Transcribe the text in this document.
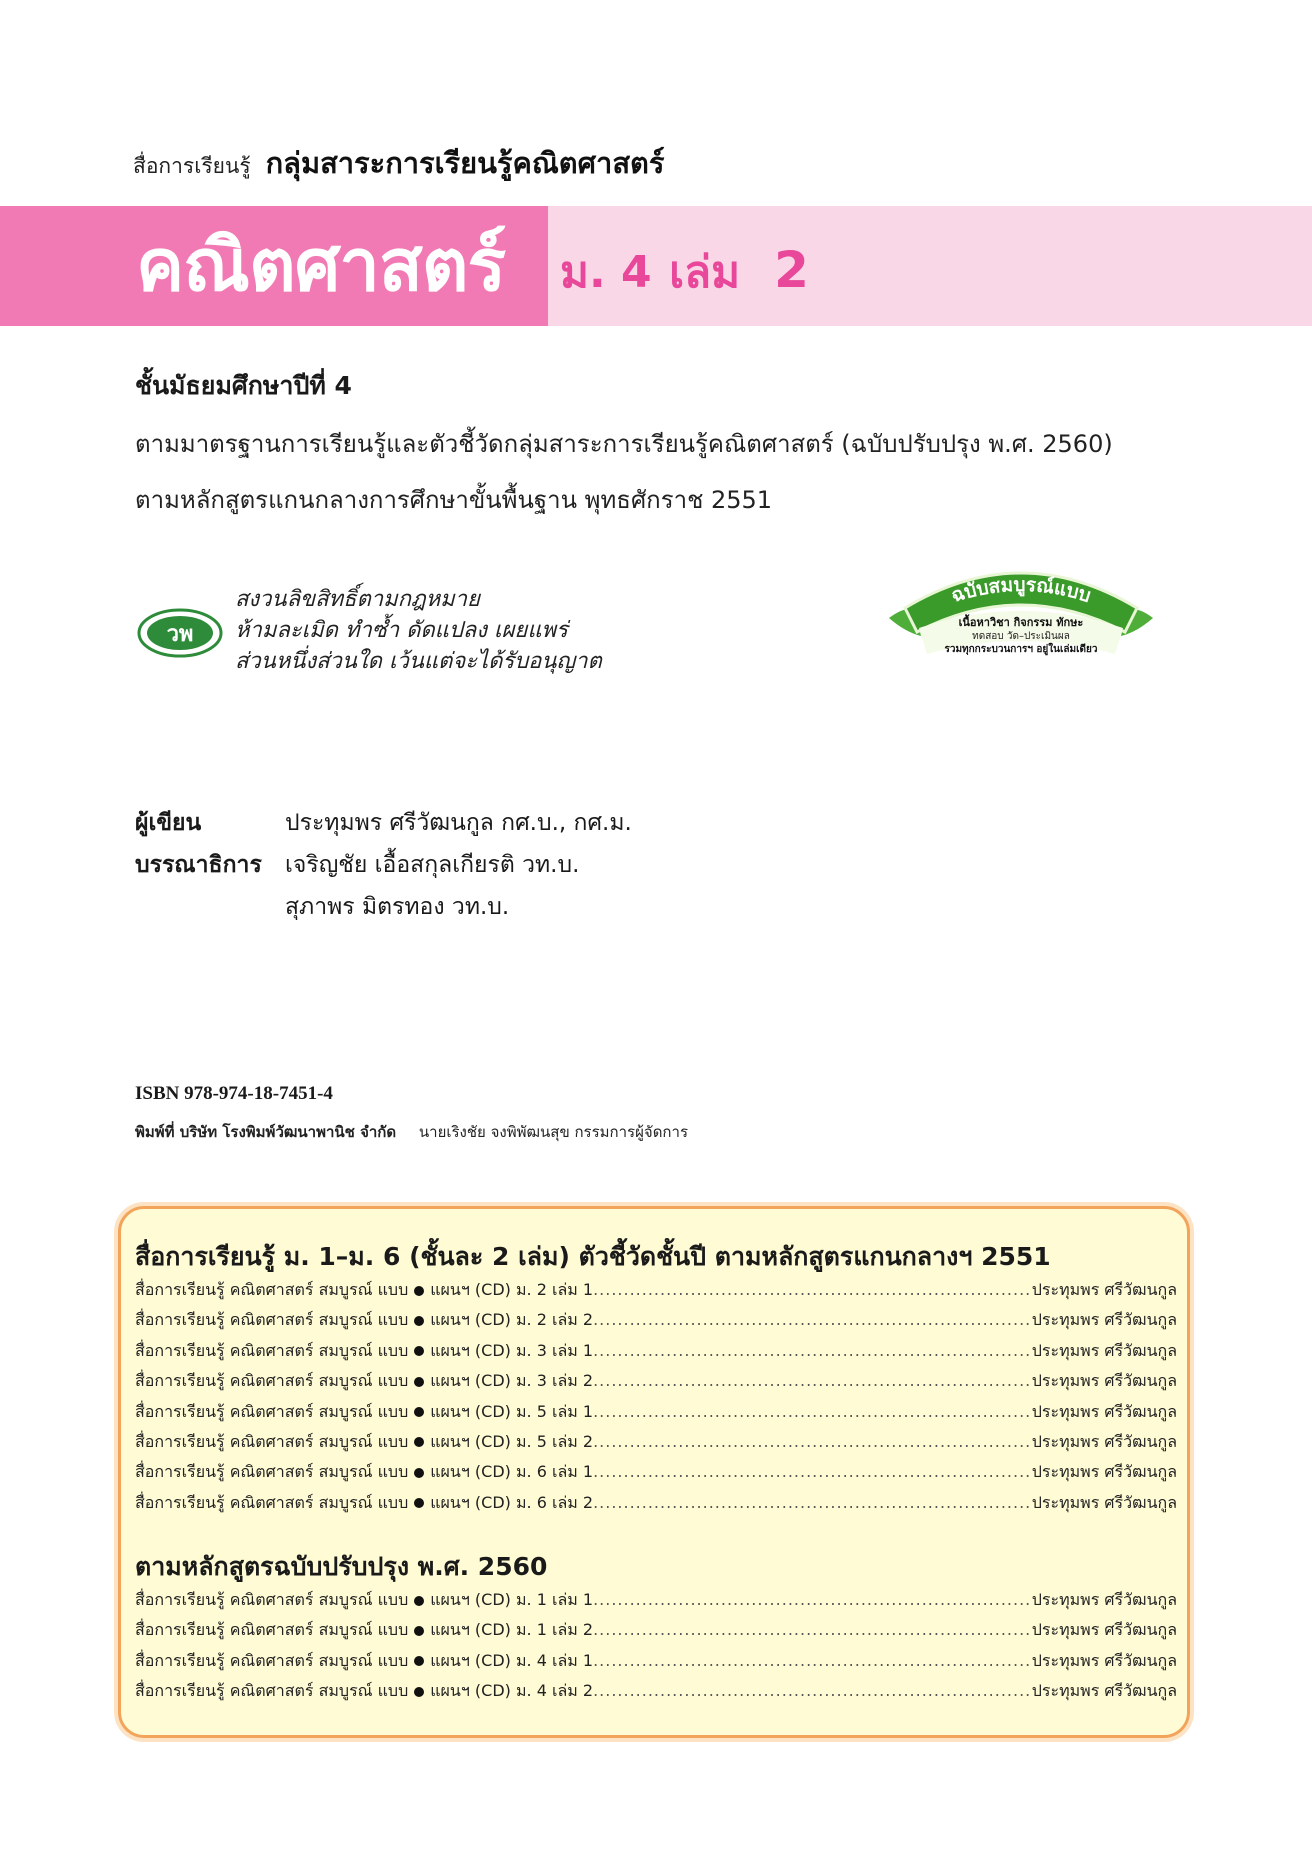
สื่อการเรียนรู้ กลุ่มสาระการเรียนรู้คณิตศาสตร์
คณิตศาสตร์ ม. 4 เล่ม 2
ชั้นมัธยมศึกษาปีที่ 4
ตามมาตรฐานการเรียนรู้และตัวชี้วัดกลุ่มสาระการเรียนรู้คณิตศาสตร์ (ฉบับปรับปรุง พ.ศ. 2560)
ตามหลักสูตรแกนกลางการศึกษาขั้นพื้นฐาน พุทธศักราช 2551
วพ
สงวนลิขสิทธิ์ตามกฎหมาย
ห้ามละเมิด ทำซ้ำ ดัดแปลง เผยแพร่
ส่วนหนึ่งส่วนใด เว้นแต่จะได้รับอนุญาต
ฉบับสมบูรณ์แบบ
เนื้อหาวิชา กิจกรรม ทักษะ
ทดสอบ วัด–ประเมินผล
รวมทุกกระบวนการฯ อยู่ในเล่มเดียว
ผู้เขียน	ประทุมพร ศรีวัฒนกูล กศ.บ., กศ.ม.
บรรณาธิการ	เจริญชัย เอื้อสกุลเกียรติ วท.บ.
สุภาพร มิตรทอง วท.บ.
ISBN 978-974-18-7451-4
พิมพ์ที่ บริษัท โรงพิมพ์วัฒนาพานิช จำกัด นายเริงชัย จงพิพัฒนสุข กรรมการผู้จัดการ
สื่อการเรียนรู้ ม. 1–ม. 6 (ชั้นละ 2 เล่ม) ตัวชี้วัดชั้นปี ตามหลักสูตรแกนกลางฯ 2551
สื่อการเรียนรู้ คณิตศาสตร์ สมบูรณ์ แบบ แผนฯ (CD) ม. 2 เล่ม 1 .....	ประทุมพร ศรีวัฒนกูล
สื่อการเรียนรู้ คณิตศาสตร์ สมบูรณ์ แบบ แผนฯ (CD) ม. 2 เล่ม 2 .....	ประทุมพร ศรีวัฒนกูล
สื่อการเรียนรู้ คณิตศาสตร์ สมบูรณ์ แบบ แผนฯ (CD) ม. 3 เล่ม 1 .....	ประทุมพร ศรีวัฒนกูล
สื่อการเรียนรู้ คณิตศาสตร์ สมบูรณ์ แบบ แผนฯ (CD) ม. 3 เล่ม 2 .....	ประทุมพร ศรีวัฒนกูล
สื่อการเรียนรู้ คณิตศาสตร์ สมบูรณ์ แบบ แผนฯ (CD) ม. 5 เล่ม 1 .....	ประทุมพร ศรีวัฒนกูล
สื่อการเรียนรู้ คณิตศาสตร์ สมบูรณ์ แบบ แผนฯ (CD) ม. 5 เล่ม 2 .....	ประทุมพร ศรีวัฒนกูล
สื่อการเรียนรู้ คณิตศาสตร์ สมบูรณ์ แบบ แผนฯ (CD) ม. 6 เล่ม 1 .....	ประทุมพร ศรีวัฒนกูล
สื่อการเรียนรู้ คณิตศาสตร์ สมบูรณ์ แบบ แผนฯ (CD) ม. 6 เล่ม 2 .....	ประทุมพร ศรีวัฒนกูล
ตามหลักสูตรฉบับปรับปรุง พ.ศ. 2560
สื่อการเรียนรู้ คณิตศาสตร์ สมบูรณ์ แบบ แผนฯ (CD) ม. 1 เล่ม 1 .....	ประทุมพร ศรีวัฒนกูล
สื่อการเรียนรู้ คณิตศาสตร์ สมบูรณ์ แบบ แผนฯ (CD) ม. 1 เล่ม 2 .....	ประทุมพร ศรีวัฒนกูล
สื่อการเรียนรู้ คณิตศาสตร์ สมบูรณ์ แบบ แผนฯ (CD) ม. 4 เล่ม 1 .....	ประทุมพร ศรีวัฒนกูล
สื่อการเรียนรู้ คณิตศาสตร์ สมบูรณ์ แบบ แผนฯ (CD) ม. 4 เล่ม 2 .....	ประทุมพร ศรีวัฒนกูล
